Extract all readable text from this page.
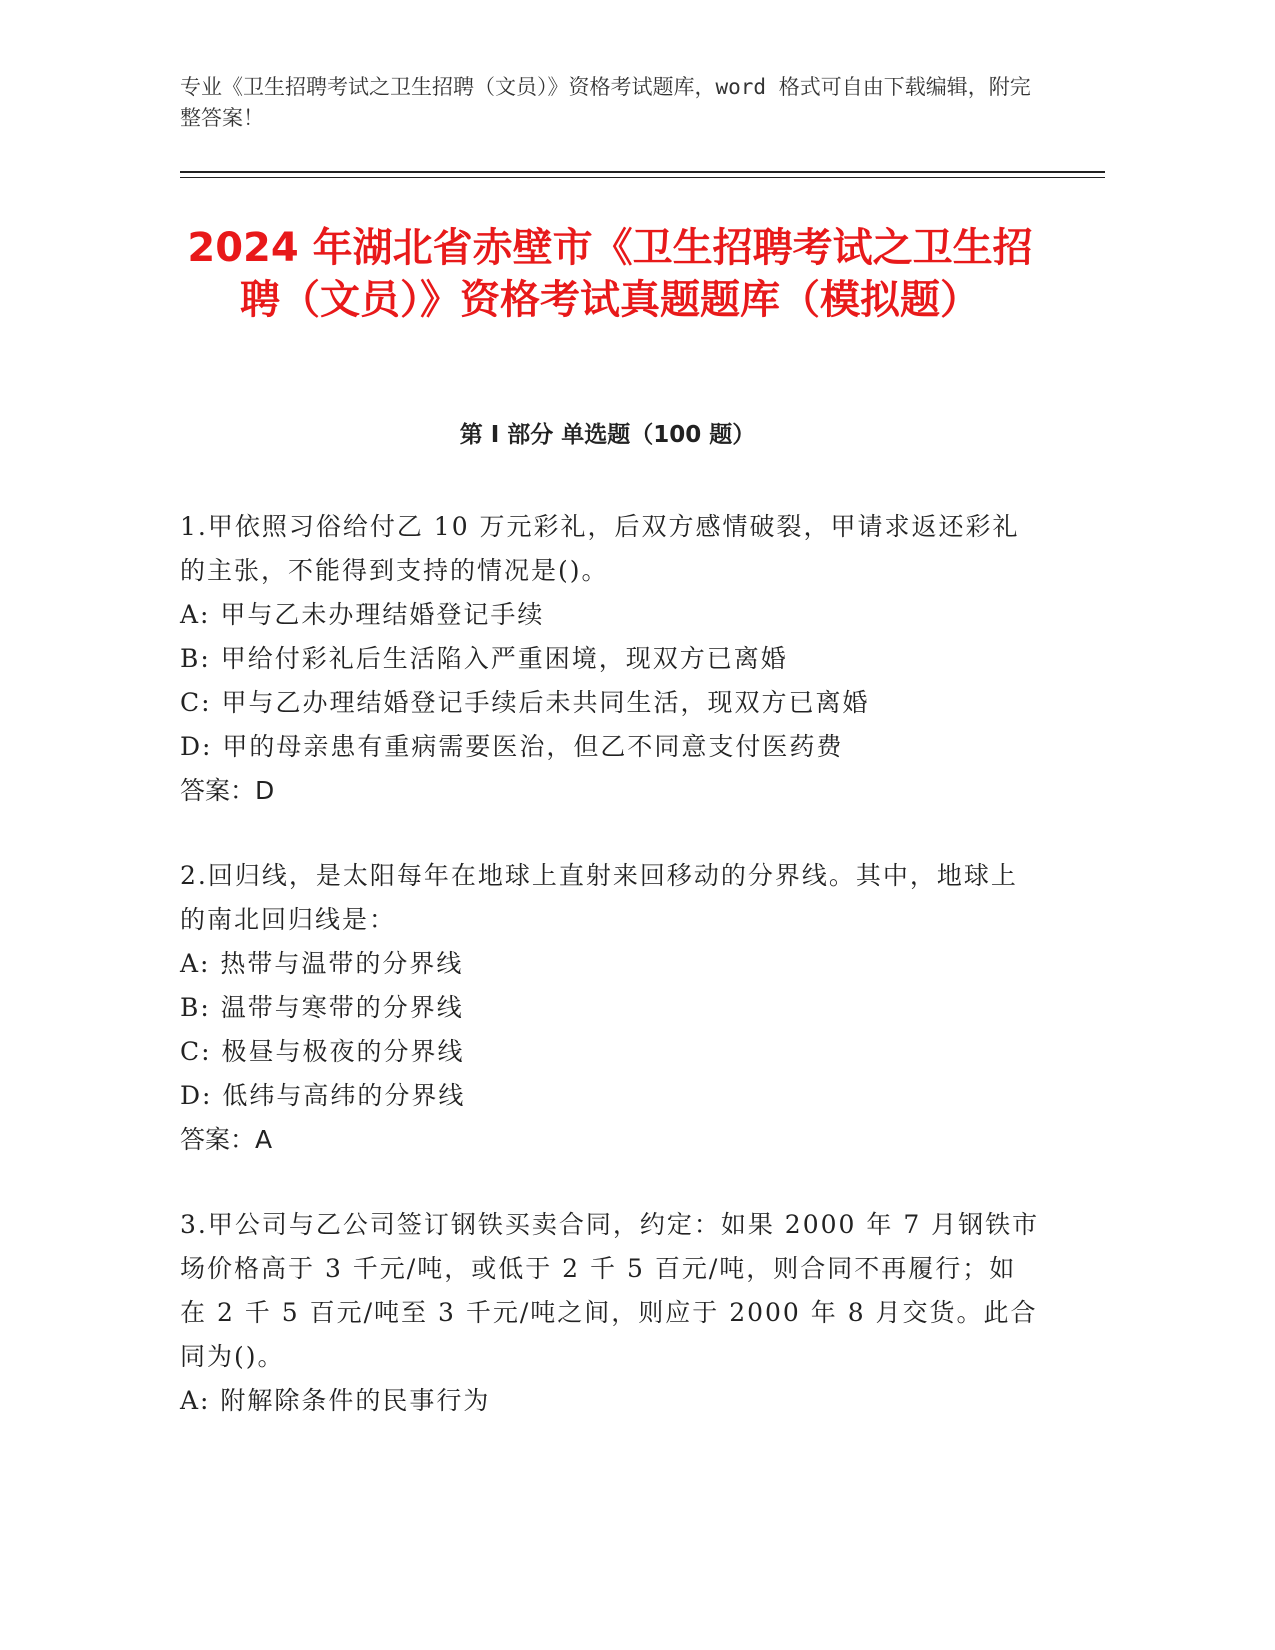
专业《卫生招聘考试之卫生招聘（文员）》资格考试题库，word 格式可自由下载编辑，附完整答案！
2024 年湖北省赤壁市《卫生招聘考试之卫生招聘（文员）》资格考试真题题库（模拟题）
第 I 部分 单选题（100 题）
1.甲依照习俗给付乙 10 万元彩礼，后双方感情破裂，甲请求返还彩礼的主张，不能得到支持的情况是()。
A: 甲与乙未办理结婚登记手续
B: 甲给付彩礼后生活陷入严重困境，现双方已离婚
C: 甲与乙办理结婚登记手续后未共同生活，现双方已离婚
D: 甲的母亲患有重病需要医治，但乙不同意支付医药费
答案：D
2.回归线，是太阳每年在地球上直射来回移动的分界线。其中，地球上的南北回归线是：
A: 热带与温带的分界线
B: 温带与寒带的分界线
C: 极昼与极夜的分界线
D: 低纬与高纬的分界线
答案：A
3.甲公司与乙公司签订钢铁买卖合同，约定：如果 2000 年 7 月钢铁市场价格高于 3 千元/吨，或低于 2 千 5 百元/吨，则合同不再履行；如在 2 千 5 百元/吨至 3 千元/吨之间，则应于 2000 年 8 月交货。此合同为()。
A: 附解除条件的民事行为
